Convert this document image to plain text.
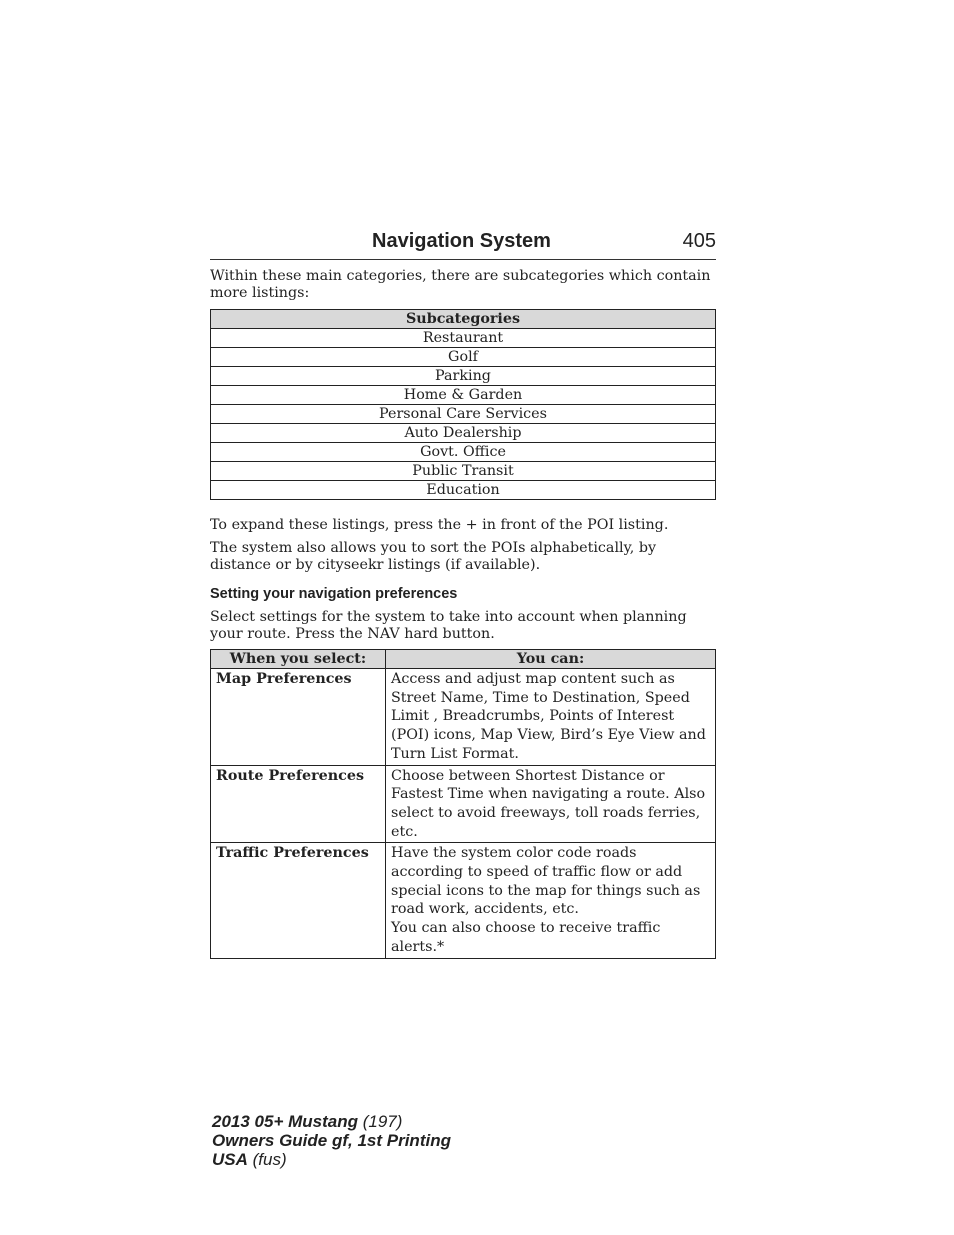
Navigation System	405

Within these main categories, there are subcategories which contain more listings:

Subcategories
Restaurant
Golf
Parking
Home & Garden
Personal Care Services
Auto Dealership
Govt. Office
Public Transit
Education

To expand these listings, press the + in front of the POI listing.

The system also allows you to sort the POIs alphabetically, by distance or by cityseekr listings (if available).

Setting your navigation preferences

Select settings for the system to take into account when planning your route. Press the NAV hard button.

When you select:	You can:
Map Preferences	Access and adjust map content such as Street Name, Time to Destination, Speed Limit , Breadcrumbs, Points of Interest (POI) icons, Map View, Bird’s Eye View and Turn List Format.
Route Preferences	Choose between Shortest Distance or Fastest Time when navigating a route. Also select to avoid freeways, toll roads ferries, etc.
Traffic Preferences	Have the system color code roads according to speed of traffic flow or add special icons to the map for things such as road work, accidents, etc.
You can also choose to receive traffic alerts.*
2013 05+ Mustang (197)
Owners Guide gf, 1st Printing
USA (fus)
